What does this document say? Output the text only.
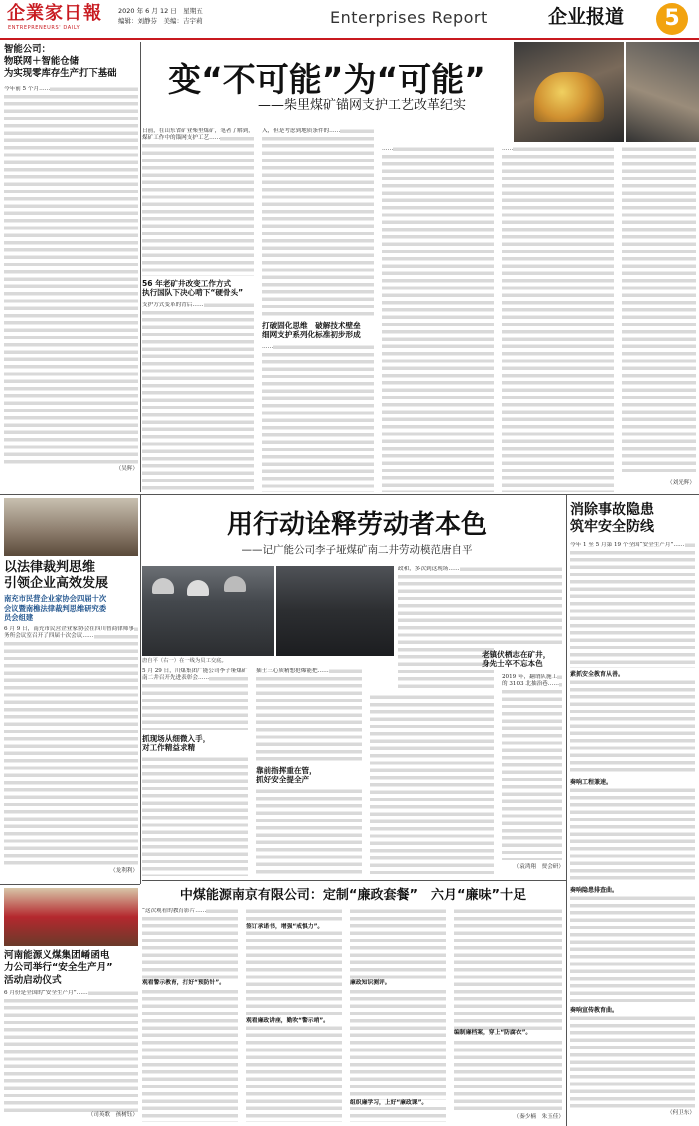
企業家日報
ENTREPRENEURS' DAILY
2020 年 6 月 12 日　星期五
编辑：刘静芬　美编：吉宇莉	Enterprises Report	企业报道	5
智能公司：
物联网＋智能仓储
为实现零库存生产打下基础
今年前 5 个月……
（吴辉）
变“不可能”为“可能”
——柴里煤矿锚网支护工艺改革纪实
日前，在山东省矿业柴里煤矿，笔者了解到，煤矿工作中的锚网支护工艺……
56 年老矿井改变工作方式
执行国队下决心啃下“硬骨头”
支护方式变革的背后……
入，但是考虑到地质条件的……
打破固化思维　破解技术壁垒
细网支护系列化标准初步形成
……
……	……
（刘光辉）
以法律裁判思维
引领企业高效发展
南充市民营企业家协会四届十次
会议暨南樵法律裁判思维研究委
员会组建
6 月 9 日，南充市民营企业家协会在四川智商律师事务所会议室召开了四届十次会议……
（龙利利）
用行动诠释劳动者本色
——记广能公司李子垭煤矿南二井劳动模范唐自平
唐自平（右一）在一线为员工交底。
5 月 29 日，川煤集团广能公司李子垭煤矿南二井召开先进表彰会……
抓现场从细微入手，
对工作精益求精
插士三心质精想抢爆能把……
靠前指挥重在管，
抓好安全提全产
政和，多次到这现场……
老镇伏栖志在矿井，
身先士卒不忘本色
2019 年，翻谓队施工的 3103 北抽治巷……
（袁鸿翔　贾会研）
消除事故隐患
筑牢安全防线
今年 1 至 5 月第 19 个全国“安全生产月”……
素抓安全教育从善。
奏响工程兼速。
奏响隐患排查曲。
奏响宣传教育曲。
（何卫东）
河南能源义煤集团崤函电
力公司举行“安全生产月”
活动启动仪式
6 月份是全国的“安全生产月”……
（司英歌　孩树钰）
中煤能源南京有限公司：定制“廉政套餐”　六月“廉味”十足
“这次观看的教育影片……
观看警示教育，打好“预防针”。
签订承诺书，增强“戒惧力”。
观看廉政讲座，勤吹“警示哨”。
廉政知识测评。
组织廉学习，上好“廉政课”。
编制廉档案，穿上“防腐衣”。
（秦少楠　朱玉佳）
